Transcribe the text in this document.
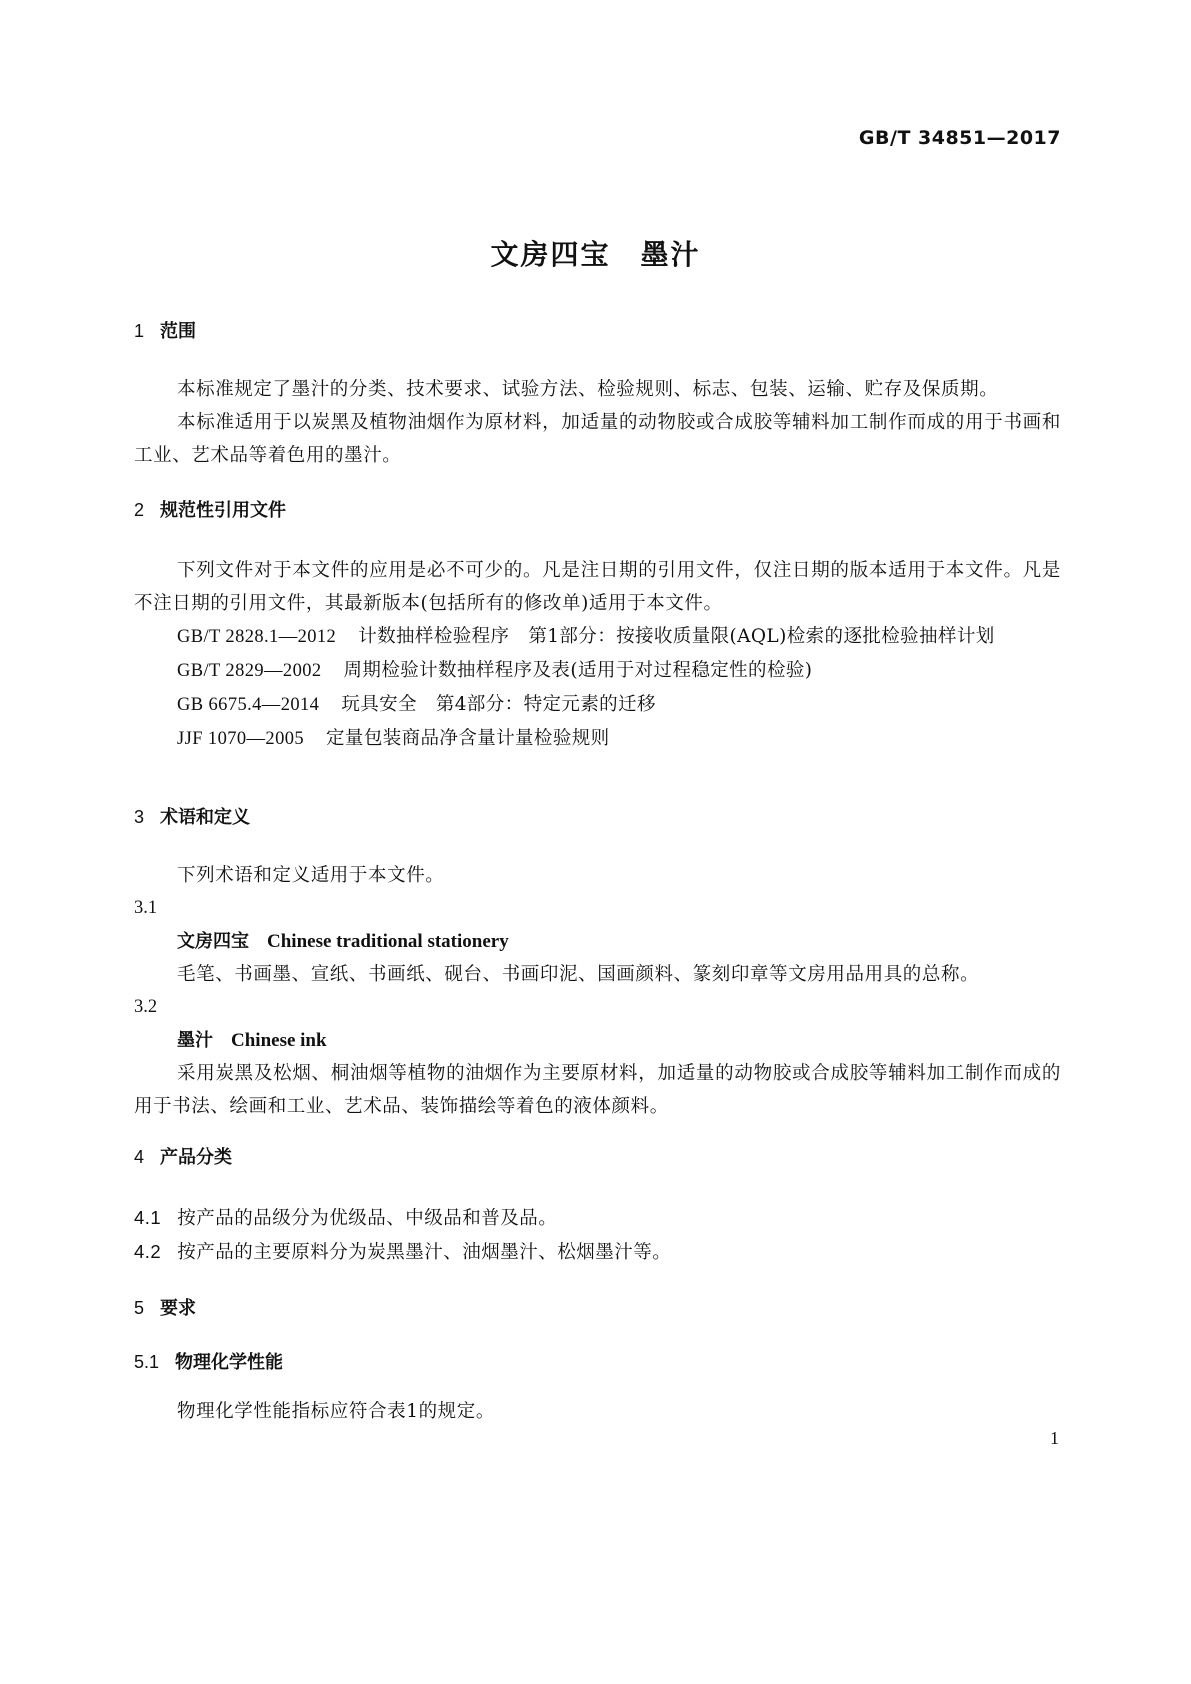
GB/T 34851—2017
文房四宝　墨汁
1 范围
本标准规定了墨汁的分类、技术要求、试验方法、检验规则、标志、包装、运输、贮存及保质期。
本标准适用于以炭黑及植物油烟作为原材料，加适量的动物胶或合成胶等辅料加工制作而成的用于书画和工业、艺术品等着色用的墨汁。
2 规范性引用文件
下列文件对于本文件的应用是必不可少的。凡是注日期的引用文件，仅注日期的版本适用于本文件。凡是不注日期的引用文件，其最新版本(包括所有的修改单)适用于本文件。
GB/T 2828.1—2012 计数抽样检验程序　第1部分：按接收质量限(AQL)检索的逐批检验抽样计划
GB/T 2829—2002 周期检验计数抽样程序及表(适用于对过程稳定性的检验)
GB 6675.4—2014 玩具安全　第4部分：特定元素的迁移
JJF 1070—2005 定量包装商品净含量计量检验规则
3 术语和定义
下列术语和定义适用于本文件。
3.1
文房四宝 Chinese traditional stationery
毛笔、书画墨、宣纸、书画纸、砚台、书画印泥、国画颜料、篆刻印章等文房用品用具的总称。
3.2
墨汁 Chinese ink
采用炭黑及松烟、桐油烟等植物的油烟作为主要原材料，加适量的动物胶或合成胶等辅料加工制作而成的用于书法、绘画和工业、艺术品、装饰描绘等着色的液体颜料。
4 产品分类
4.1 按产品的品级分为优级品、中级品和普及品。
4.2 按产品的主要原料分为炭黑墨汁、油烟墨汁、松烟墨汁等。
5 要求
5.1 物理化学性能
物理化学性能指标应符合表1的规定。
1
